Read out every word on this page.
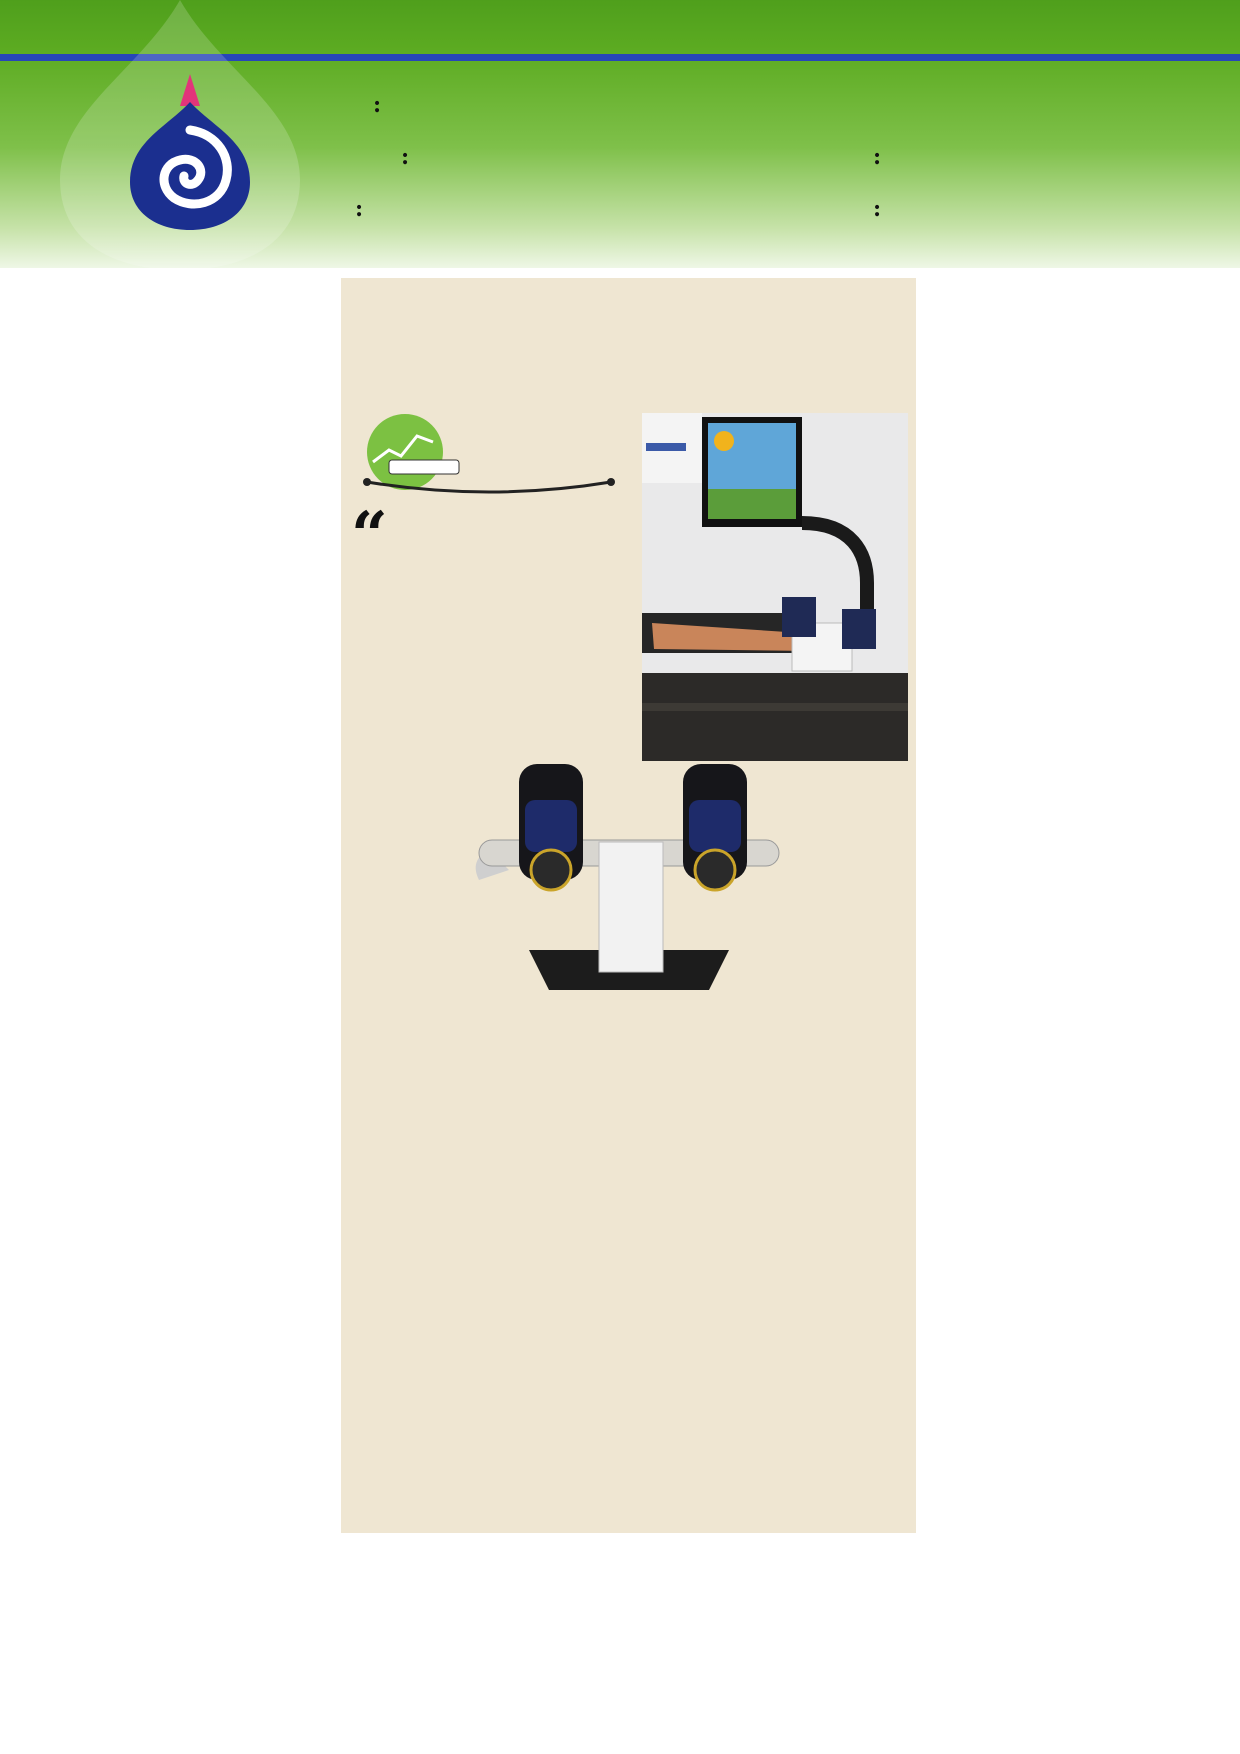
:
:
:
:
:
“
